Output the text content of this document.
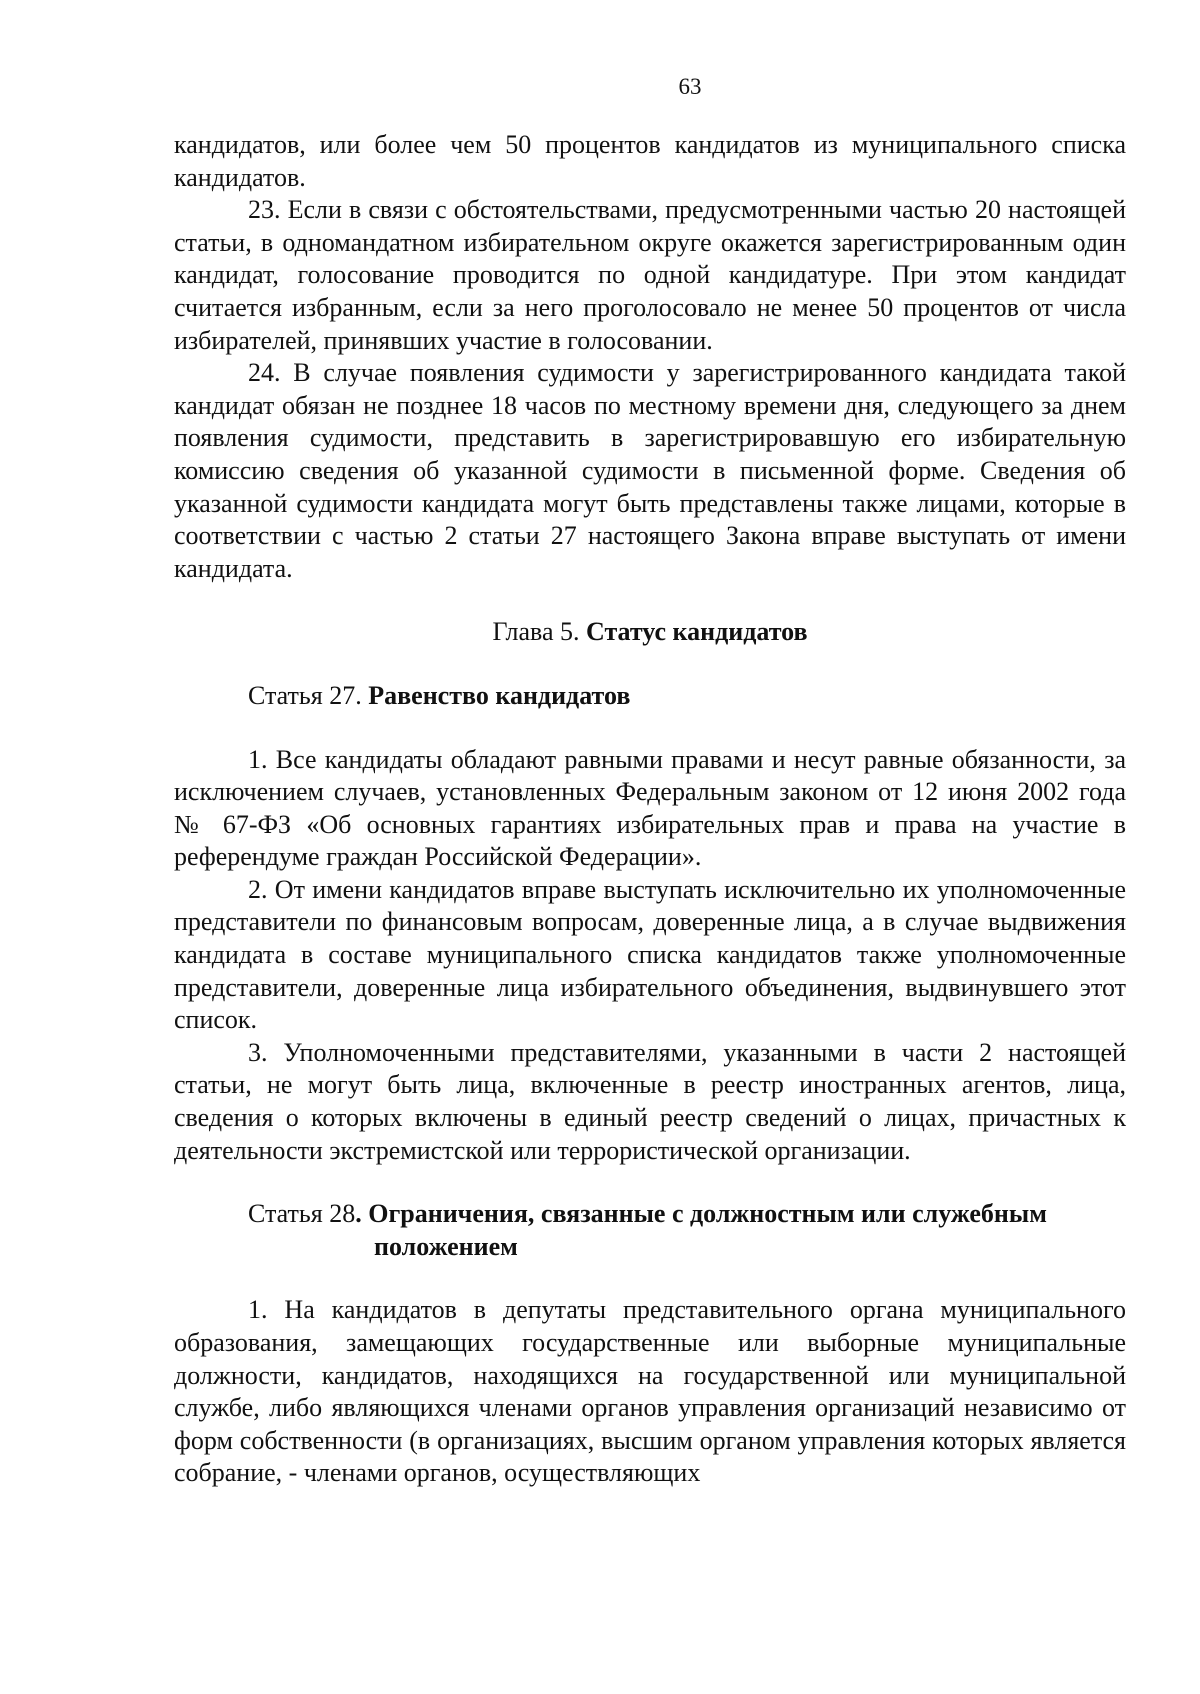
63

кандидатов, или более чем 50 процентов кандидатов из муниципального списка кандидатов.

23. Если в связи с обстоятельствами, предусмотренными частью 20 настоящей статьи, в одномандатном избирательном округе окажется зарегистрированным один кандидат, голосование проводится по одной кандидатуре. При этом кандидат считается избранным, если за него проголосовало не менее 50 процентов от числа избирателей, принявших участие в голосовании.

24. В случае появления судимости у зарегистрированного кандидата такой кандидат обязан не позднее 18 часов по местному времени дня, следующего за днем появления судимости, представить в зарегистрировавшую его избирательную комиссию сведения об указанной судимости в письменной форме. Сведения об указанной судимости кандидата могут быть представлены также лицами, которые в соответствии с частью 2 статьи 27 настоящего Закона вправе выступать от имени кандидата.

Глава 5. Статус кандидатов

Статья 27. Равенство кандидатов

1. Все кандидаты обладают равными правами и несут равные обязанности, за исключением случаев, установленных Федеральным законом от 12 июня 2002 года № 67-ФЗ «Об основных гарантиях избирательных прав и права на участие в референдуме граждан Российской Федерации».

2. От имени кандидатов вправе выступать исключительно их уполномоченные представители по финансовым вопросам, доверенные лица, а в случае выдвижения кандидата в составе муниципального списка кандидатов также уполномоченные представители, доверенные лица избирательного объединения, выдвинувшего этот список.

3. Уполномоченными представителями, указанными в части 2 настоящей статьи, не могут быть лица, включенные в реестр иностранных агентов, лица, сведения о которых включены в единый реестр сведений о лицах, причастных к деятельности экстремистской или террористической организации.

Статья 28. Ограничения, связанные с должностным или служебным положением

1. На кандидатов в депутаты представительного органа муниципального образования, замещающих государственные или выборные муниципальные должности, кандидатов, находящихся на государственной или муниципальной службе, либо являющихся членами органов управления организаций независимо от форм собственности (в организациях, высшим органом управления которых является собрание, - членами органов, осуществляющих
